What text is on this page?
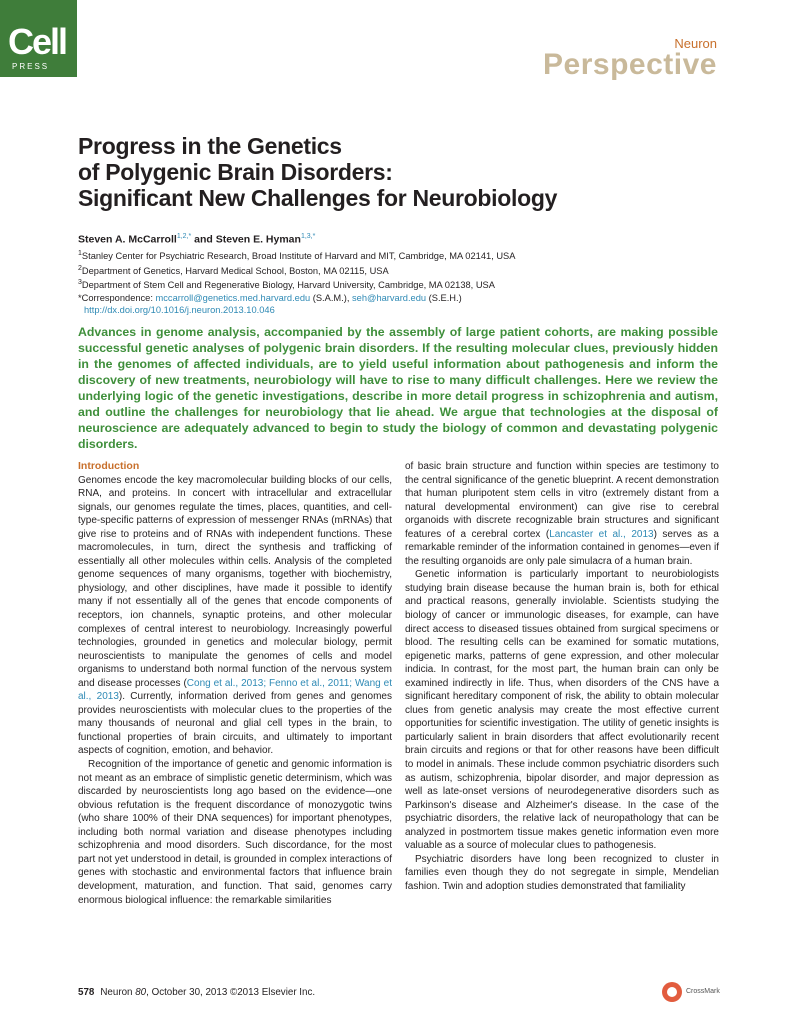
Cell
PRESS
Neuron
Perspective
Progress in the Genetics
of Polygenic Brain Disorders:
Significant New Challenges for Neurobiology
Steven A. McCarroll$^{1,2,*}$ and Steven E. Hyman$^{1,3,*}$
$^1$Stanley Center for Psychiatric Research, Broad Institute of Harvard and MIT, Cambridge, MA 02141, USA
$^2$Department of Genetics, Harvard Medical School, Boston, MA 02115, USA
$^3$Department of Stem Cell and Regenerative Biology, Harvard University, Cambridge, MA 02138, USA
*Correspondence: mccarroll@genetics.med.harvard.edu (S.A.M.), seh@harvard.edu (S.E.H.)
http://dx.doi.org/10.1016/j.neuron.2013.10.046
Advances in genome analysis, accompanied by the assembly of large patient cohorts, are making possible successful genetic analyses of polygenic brain disorders. If the resulting molecular clues, previously hidden in the genomes of affected individuals, are to yield useful information about pathogenesis and inform the discovery of new treatments, neurobiology will have to rise to many difficult challenges. Here we review the underlying logic of the genetic investigations, describe in more detail progress in schizophrenia and autism, and outline the challenges for neurobiology that lie ahead. We argue that technologies at the disposal of neuroscience are adequately advanced to begin to study the biology of common and devastating polygenic disorders.
Introduction

Genomes encode the key macromolecular building blocks of our cells, RNA, and proteins. In concert with intracellular and extracellular signals, our genomes regulate the times, places, quantities, and cell-type-specific patterns of expression of messenger RNAs (mRNAs) that give rise to proteins and of RNAs with independent functions. These macromolecules, in turn, direct the synthesis and trafficking of essentially all other molecules within cells. Analysis of the completed genome sequences of many organisms, together with biochemistry, physiology, and other disciplines, have made it possible to identify many if not essentially all of the genes that encode components of receptors, ion channels, synaptic proteins, and other molecular complexes of central interest to neurobiology. Increasingly powerful technologies, grounded in genetics and molecular biology, permit neuroscientists to manipulate the genomes of cells and model organisms to understand both normal function of the nervous system and disease processes (Cong et al., 2013; Fenno et al., 2011; Wang et al., 2013). Currently, information derived from genes and genomes provides neuroscientists with molecular clues to the properties of the many thousands of neuronal and glial cell types in the brain, to functional properties of brain circuits, and ultimately to important aspects of cognition, emotion, and behavior.

Recognition of the importance of genetic and genomic information is not meant as an embrace of simplistic genetic determinism, which was discarded by neuroscientists long ago based on the evidence—one obvious refutation is the frequent discordance of monozygotic twins (who share 100% of their DNA sequences) for important phenotypes, including both normal variation and disease phenotypes including schizophrenia and mood disorders. Such discordance, for the most part not yet understood in detail, is grounded in complex interactions of genes with stochastic and environmental factors that influence brain development, maturation, and function. That said, genomes carry enormous biological influence: the remarkable similarities

of basic brain structure and function within species are testimony to the central significance of the genetic blueprint. A recent demonstration that human pluripotent stem cells in vitro (extremely distant from a natural developmental environment) can give rise to cerebral organoids with discrete recognizable brain structures and significant features of a cerebral cortex (Lancaster et al., 2013) serves as a remarkable reminder of the information contained in genomes—even if the resulting organoids are only pale simulacra of a human brain.

Genetic information is particularly important to neurobiologists studying brain disease because the human brain is, both for ethical and practical reasons, generally inviolable. Scientists studying the biology of cancer or immunologic diseases, for example, can have direct access to diseased tissues obtained from surgical specimens or blood. The resulting cells can be examined for somatic mutations, epigenetic marks, patterns of gene expression, and other molecular indicia. In contrast, for the most part, the human brain can only be examined indirectly in life. Thus, when disorders of the CNS have a significant hereditary component of risk, the ability to obtain molecular clues from genetic analysis may create the most effective current opportunities for scientific investigation. The utility of genetic insights is particularly salient in brain disorders that affect evolutionarily recent brain circuits and regions or that for other reasons have been difficult to model in animals. These include common psychiatric disorders such as autism, schizophrenia, bipolar disorder, and major depression as well as late-onset versions of neurodegenerative disorders such as Parkinson's disease and Alzheimer's disease. In the case of the psychiatric disorders, the relative lack of neuropathology that can be analyzed in postmortem tissue makes genetic information even more valuable as a source of molecular clues to pathogenesis.

Psychiatric disorders have long been recognized to cluster in families even though they do not segregate in simple, Mendelian fashion. Twin and adoption studies demonstrated that familiality

578 Neuron 80, October 30, 2013 ©2013 Elsevier Inc.	CrossMark
